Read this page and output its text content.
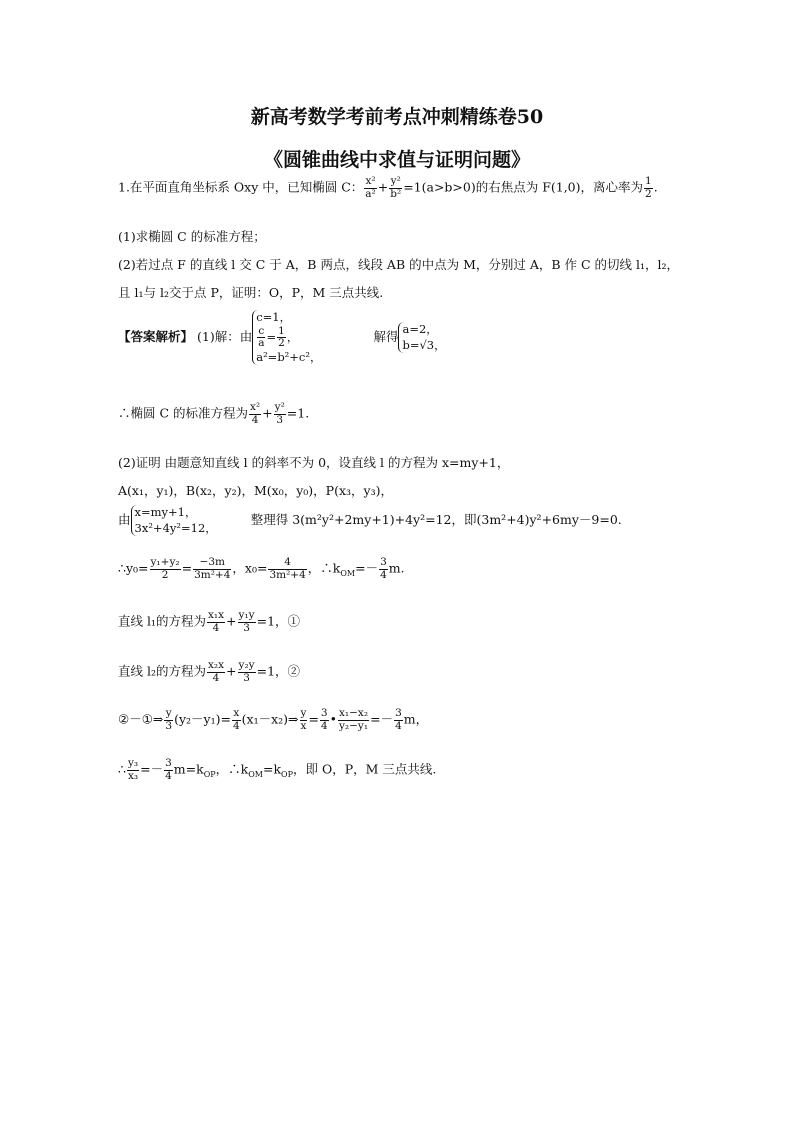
新高考数学考前考点冲刺精练卷50
《圆锥曲线中求值与证明问题》
1.在平面直角坐标系 Oxy 中，已知椭圆 C： $\frac{\text{x²}}{\text{a²}} + \frac{\text{y²}}{\text{b²}} =1(a>b>0)$的右焦点为 F(1,0)，离心率为 $\frac{1}{2}$ .
(1)求椭圆 C 的标准方程；
(2)若过点 F 的直线 l 交 C 于 A，B 两点，线段 AB 的中点为 M，分别过 A，B 作 C 的切线 l₁，l₂，
且 l₁与 l₂交于点 P，证明：O，P，M 三点共线.
【答案解析】 (1)解：由
c=1，
$\frac{c}{a} = \frac{1}{2}$ ，
a²=b²+c²，
解得
a=2，
b=√3，
∴椭圆 C 的标准方程为 $\frac{\text{x²}}{4} + \frac{\text{y²}}{3} =1$.
(2)证明 由题意知直线 l 的斜率不为 0，设直线 l 的方程为 x=my+1，
A(x₁，y₁)，B(x₂，y₂)，M(x₀，y₀)，P(x₃，y₃)，
由
x=my+1，
3x²+4y²=12，
整理得 3(m²y²+2my+1)+4y²=12，即(3m²+4)y²+6my－9=0.
∴y₀= $\frac{\text{y₁+y₂}}{2} = \frac{-3m}{\text{3m²+4}}$ ，$x_0= \frac{4}{\text{3m²+4}}$ ，$\therefore k_{OM}=- \frac{3}{4} m$.
直线 l₁的方程为 $\frac{\text{x₁x}}{4} + \frac{\text{y₁y}}{3} =1$，①
直线 l₂的方程为 $\frac{\text{x₂x}}{4} + \frac{\text{y₂y}}{3} =1$，②
②－①⇒ $\frac{y}{3} (y_2-y_1)= \frac{x}{4}$ (x₁－x₂)⇒ $\frac{y}{x} = \frac{3}{4}$ • $\frac{\text{x₁−x₂}}{\text{y₂−y₁}} =- \frac{3}{4}$ m，
∴ $\frac{\text{y₃}}{\text{x₃}} =- \frac{3}{4} m=k_{OP}$，$\therefore k_{OM}=k_{OP}$，即 O，P，M 三点共线.
